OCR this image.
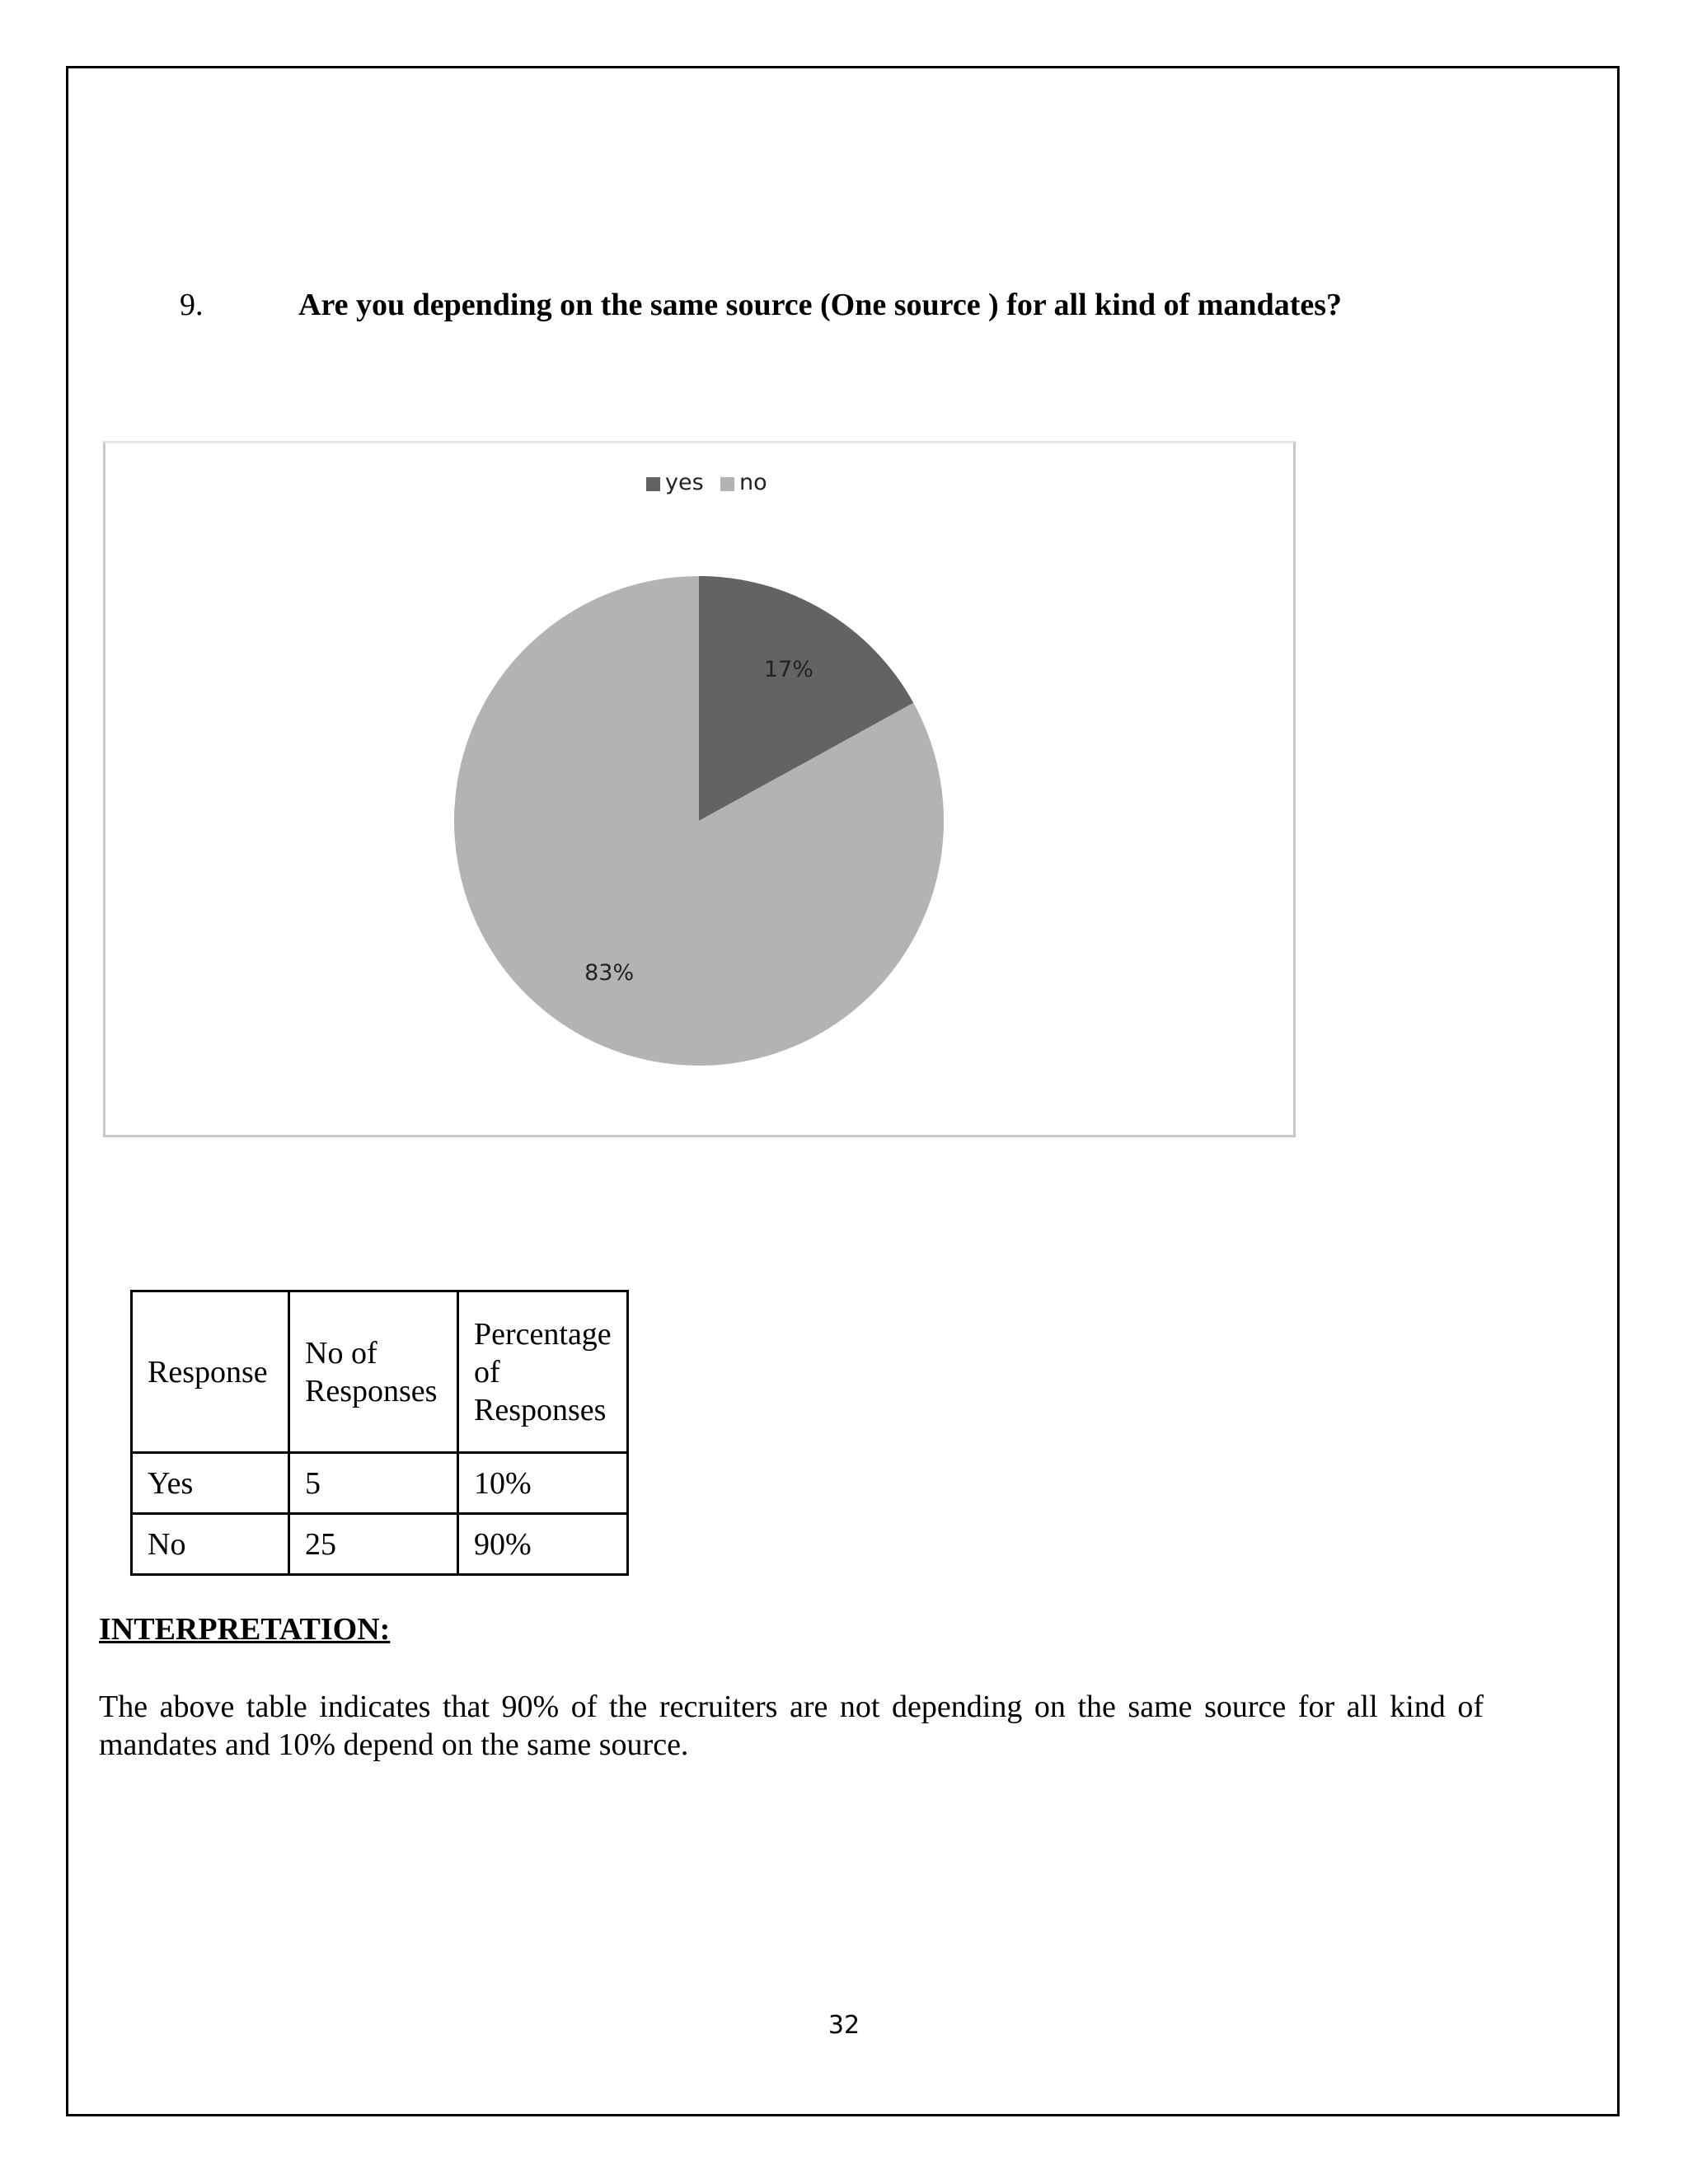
9.	Are you depending on the same source (One source ) for all kind of mandates?
yes no
17%
83%
Response	No of Responses	Percentage of Responses
Yes	5	10%
No	25	90%
INTERPRETATION:
The above table indicates that 90% of the recruiters are not depending on the same source for all kind of mandates and 10% depend on the same source.
32
